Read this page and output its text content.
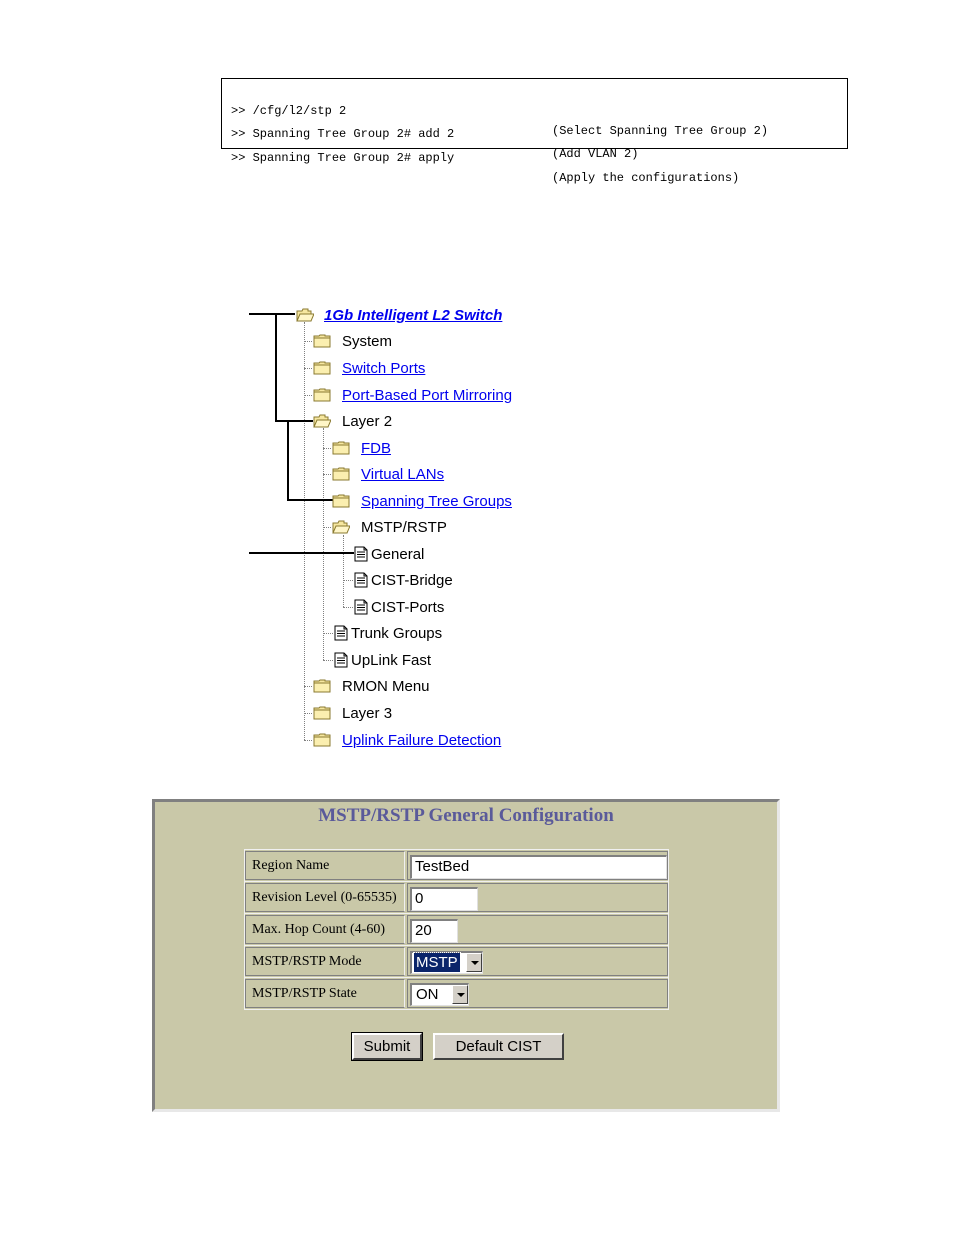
>> /cfg/l2/stp 2

(Select Spanning Tree Group 2)

>> Spanning Tree Group 2# add 2

(Add VLAN 2)

>> Spanning Tree Group 2# apply

(Apply the configurations)

1Gb Intelligent L2 Switch
System
Switch Ports
Port-Based Port Mirroring
Layer 2
FDB
Virtual LANs
Spanning Tree Groups
MSTP/RSTP
General
CIST-Bridge
CIST-Ports
Trunk Groups
UpLink Fast
RMON Menu
Layer 3
Uplink Failure Detection
MSTP/RSTP General Configuration
Region Name	TestBed
Revision Level (0-65535)	0
Max. Hop Count (4-60)	20
MSTP/RSTP Mode	MSTP
MSTP/RSTP State	ON
Submit	Default CIST
